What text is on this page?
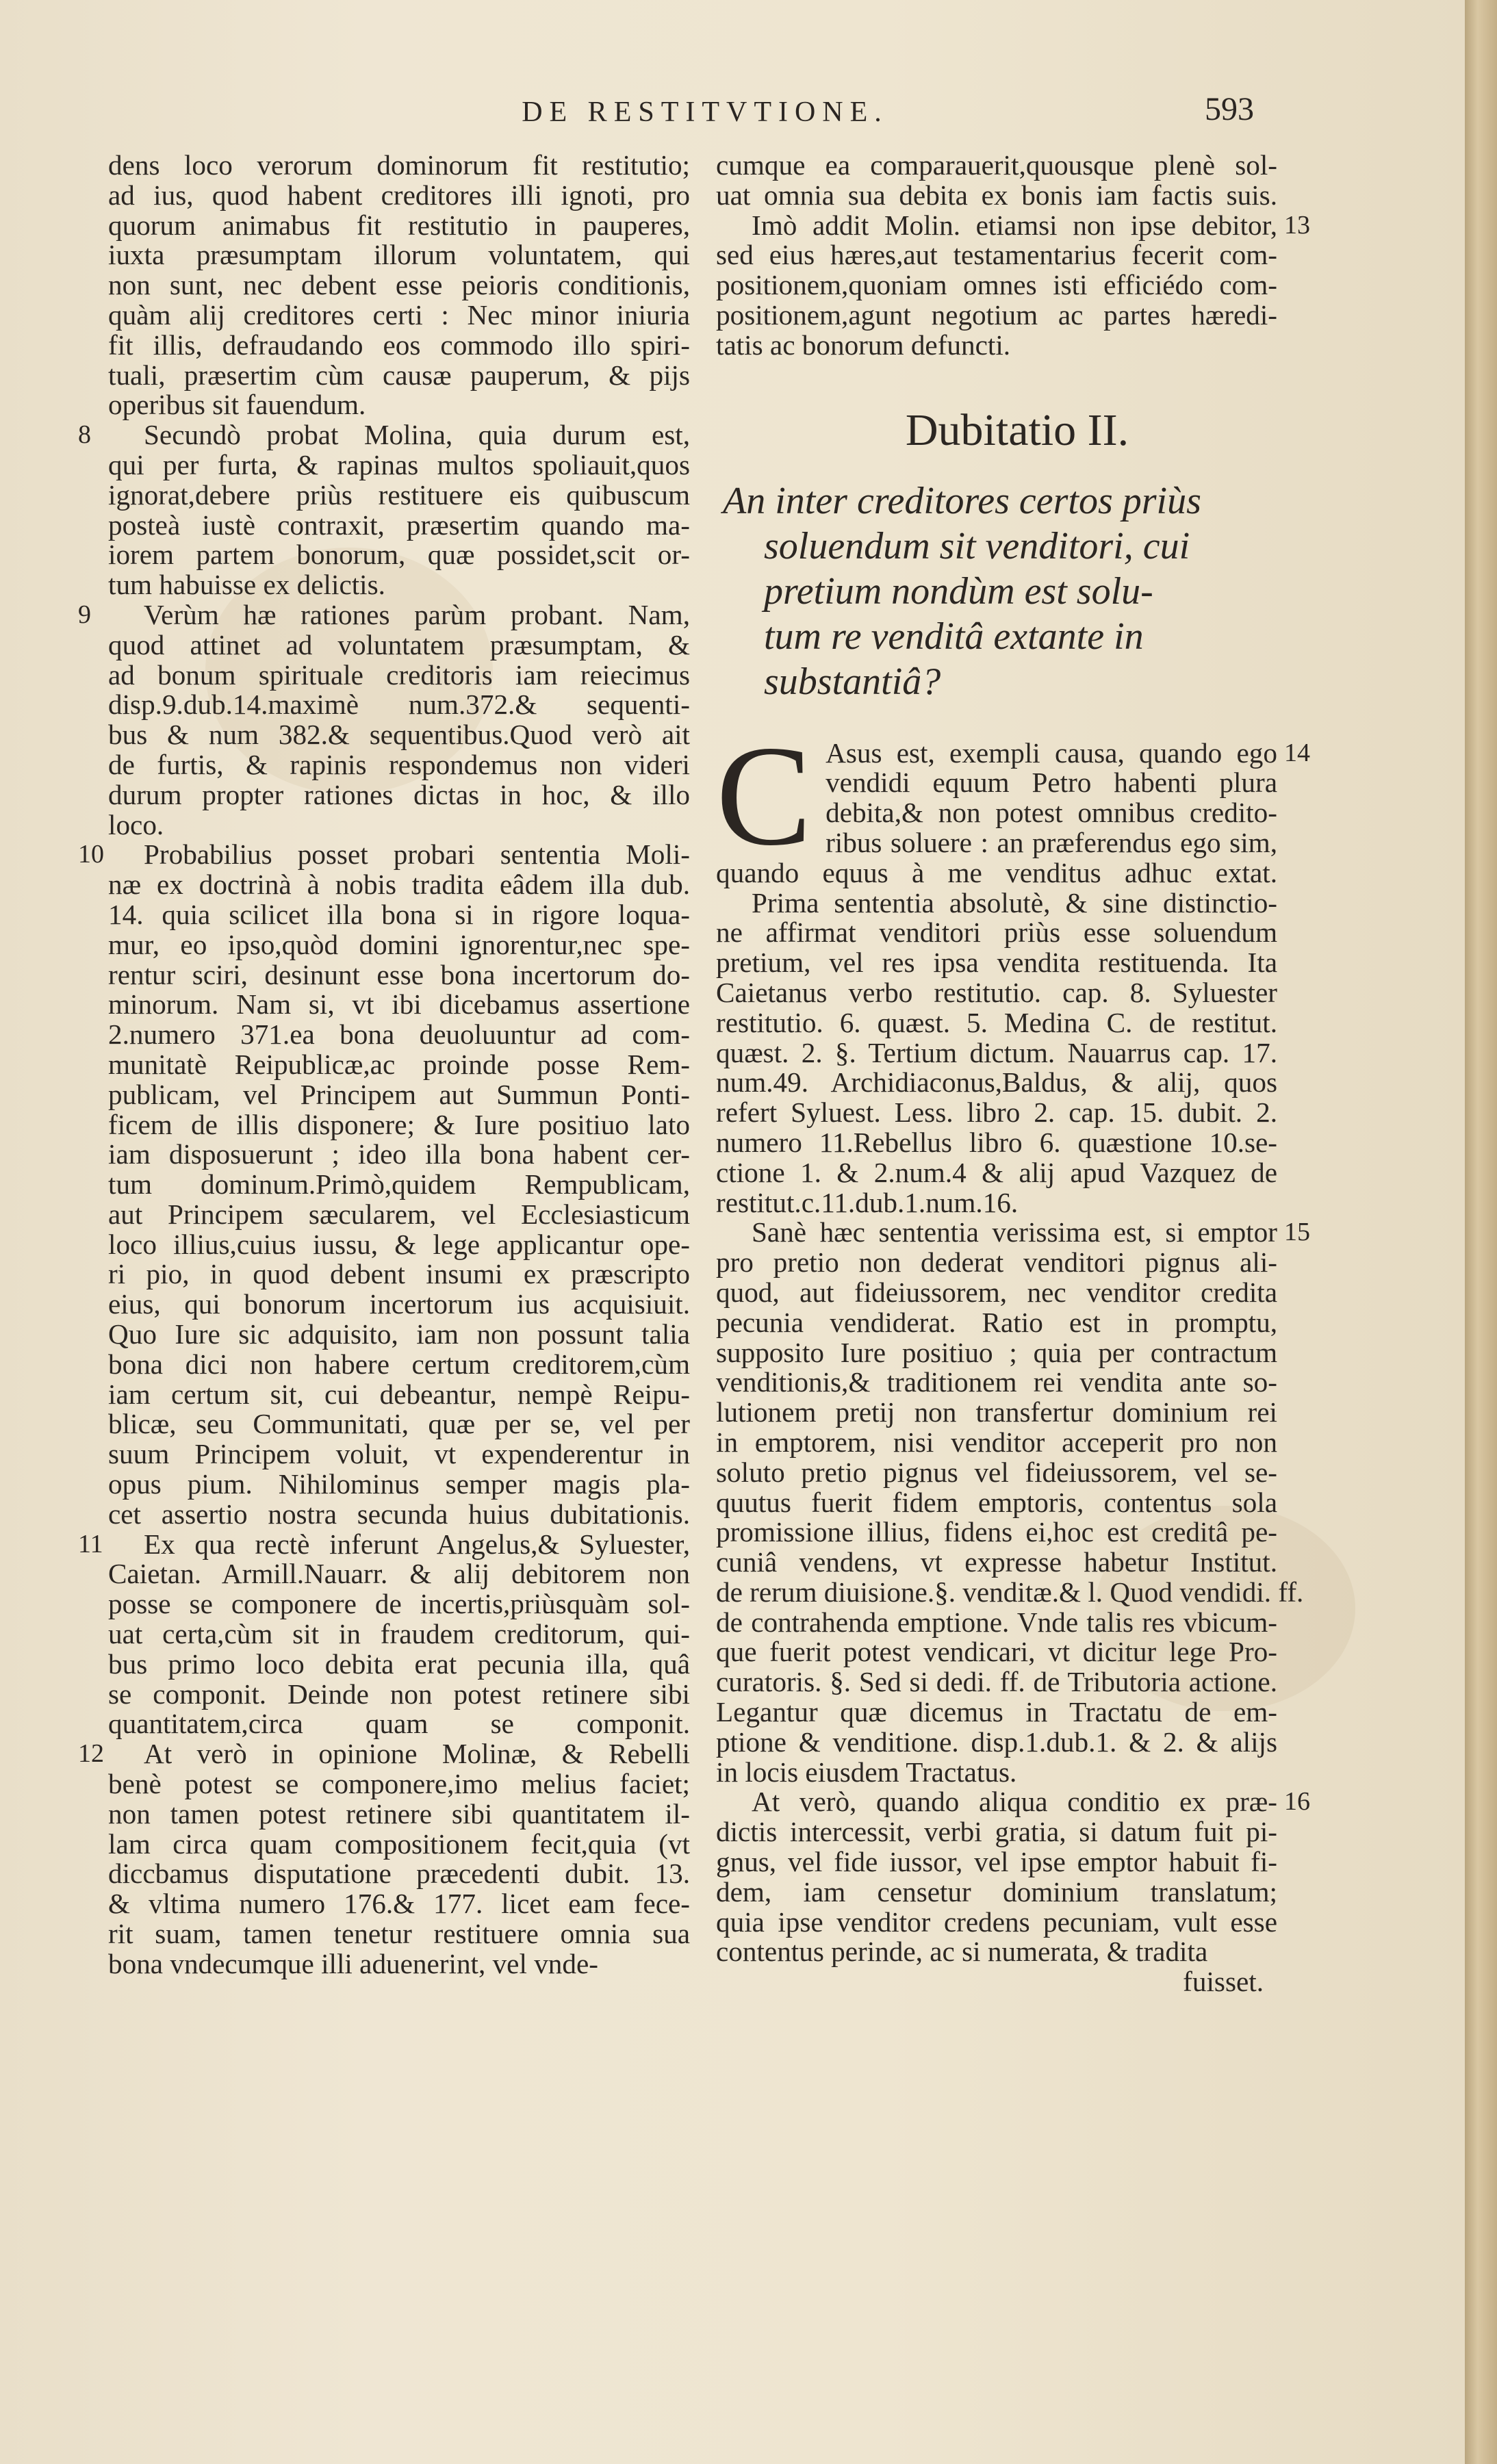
DE RESTITVTIONE.	593
dens loco verorum dominorum fit restitutio;
ad ius, quod habent creditores illi ignoti, pro
quorum animabus fit restitutio in pauperes,
iuxta præsumptam illorum voluntatem, qui
non sunt, nec debent esse peioris conditionis,
quàm alij creditores certi : Nec minor iniuria
fit illis, defraudando eos commodo illo spiri-
tuali, præsertim cùm causæ pauperum, & pijs
operibus sit fauendum.
Secundò probat Molina, quia durum est,
8
qui per furta, & rapinas multos spoliauit,quos
ignorat,debere priùs restituere eis quibuscum
posteà iustè contraxit, præsertim quando ma-
iorem partem bonorum, quæ possidet,scit or-
tum habuisse ex delictis.
Verùm hæ rationes parùm probant. Nam,
9
quod attinet ad voluntatem præsumptam, &
ad bonum spirituale creditoris iam reiecimus
disp.9.dub.14.maximè num.372.& sequenti-
bus & num 382.& sequentibus.Quod verò ait
de furtis, & rapinis respondemus non videri
durum propter rationes dictas in hoc, & illo
loco.
Probabilius posset probari sententia Moli-
10
næ ex doctrinà à nobis tradita eâdem illa dub.
14. quia scilicet illa bona si in rigore loqua-
mur, eo ipso,quòd domini ignorentur,nec spe-
rentur sciri, desinunt esse bona incertorum do-
minorum. Nam si, vt ibi dicebamus assertione
2.numero 371.ea bona deuoluuntur ad com-
munitatè Reipublicæ,ac proinde posse Rem-
publicam, vel Principem aut Summun Ponti-
ficem de illis disponere; & Iure positiuo lato
iam disposuerunt ; ideo illa bona habent cer-
tum dominum.Primò,quidem Rempublicam,
aut Principem sæcularem, vel Ecclesiasticum
loco illius,cuius iussu, & lege applicantur ope-
ri pio, in quod debent insumi ex præscripto
eius, qui bonorum incertorum ius acquisiuit.
Quo Iure sic adquisito, iam non possunt talia
bona dici non habere certum creditorem,cùm
iam certum sit, cui debeantur, nempè Reipu-
blicæ, seu Communitati, quæ per se, vel per
suum Principem voluit, vt expenderentur in
opus pium. Nihilominus semper magis pla-
cet assertio nostra secunda huius dubitationis.
Ex qua rectè inferunt Angelus,& Syluester,
11
Caietan. Armill.Nauarr. & alij debitorem non
posse se componere de incertis,priùsquàm sol-
uat certa,cùm sit in fraudem creditorum, qui-
bus primo loco debita erat pecunia illa, quâ
se componit. Deinde non potest retinere sibi
quantitatem,circa quam se componit.
At verò in opinione Molinæ, & Rebelli
12
benè potest se componere,imo melius faciet;
non tamen potest retinere sibi quantitatem il-
lam circa quam compositionem fecit,quia (vt
diccbamus disputatione præcedenti dubit. 13.
& vltima numero 176.& 177. licet eam fece-
rit suam, tamen tenetur restituere omnia sua
bona vndecumque illi aduenerint, vel vnde-
cumque ea comparauerit,quousque plenè sol-
uat omnia sua debita ex bonis iam factis suis.
Imò addit Molin. etiamsi non ipse debitor, 13
sed eius hæres,aut testamentarius fecerit com-
positionem,quoniam omnes isti efficiédo com-
positionem,agunt negotium ac partes hæredi-
tatis ac bonorum defuncti.
Dubitatio II.
An inter creditores certos priùs
soluendum sit venditori, cui
pretium nondùm est solu-
tum re venditâ extante in
substantiâ?
C Asus est, exempli causa, quando ego 14
vendidi equum Petro habenti plura
debita,& non potest omnibus credito-
ribus soluere : an præferendus ego sim,
quando equus à me venditus adhuc extat.
Prima sententia absolutè, & sine distinctio-
ne affirmat venditori priùs esse soluendum
pretium, vel res ipsa vendita restituenda. Ita
Caietanus verbo restitutio. cap. 8. Syluester
restitutio. 6. quæst. 5. Medina C. de restitut.
quæst. 2. §. Tertium dictum. Nauarrus cap. 17.
num.49. Archidiaconus,Baldus, & alij, quos
refert Syluest. Less. libro 2. cap. 15. dubit. 2.
numero 11.Rebellus libro 6. quæstione 10.se-
ctione 1. & 2.num.4 & alij apud Vazquez de
restitut.c.11.dub.1.num.16.
Sanè hæc sententia verissima est, si emptor 15
pro pretio non dederat venditori pignus ali-
quod, aut fideiussorem, nec venditor credita
pecunia vendiderat. Ratio est in promptu,
supposito Iure positiuo ; quia per contractum
venditionis,& traditionem rei vendita ante so-
lutionem pretij non transfertur dominium rei
in emptorem, nisi venditor acceperit pro non
soluto pretio pignus vel fideiussorem, vel se-
quutus fuerit fidem emptoris, contentus sola
promissione illius, fidens ei,hoc est creditâ pe-
cuniâ vendens, vt expresse habetur Institut.
de rerum diuisione.§. venditæ.& l. Quod vendidi. ff.
de contrahenda emptione. Vnde talis res vbicum-
que fuerit potest vendicari, vt dicitur lege Pro-
curatoris. §. Sed si dedi. ff. de Tributoria actione.
Legantur quæ dicemus in Tractatu de em-
ptione & venditione. disp.1.dub.1. & 2. & alijs
in locis eiusdem Tractatus.
At verò, quando aliqua conditio ex præ- 16
dictis intercessit, verbi gratia, si datum fuit pi-
gnus, vel fide iussor, vel ipse emptor habuit fi-
dem, iam censetur dominium translatum;
quia ipse venditor credens pecuniam, vult esse
contentus perinde, ac si numerata, & tradita
fuisset.
